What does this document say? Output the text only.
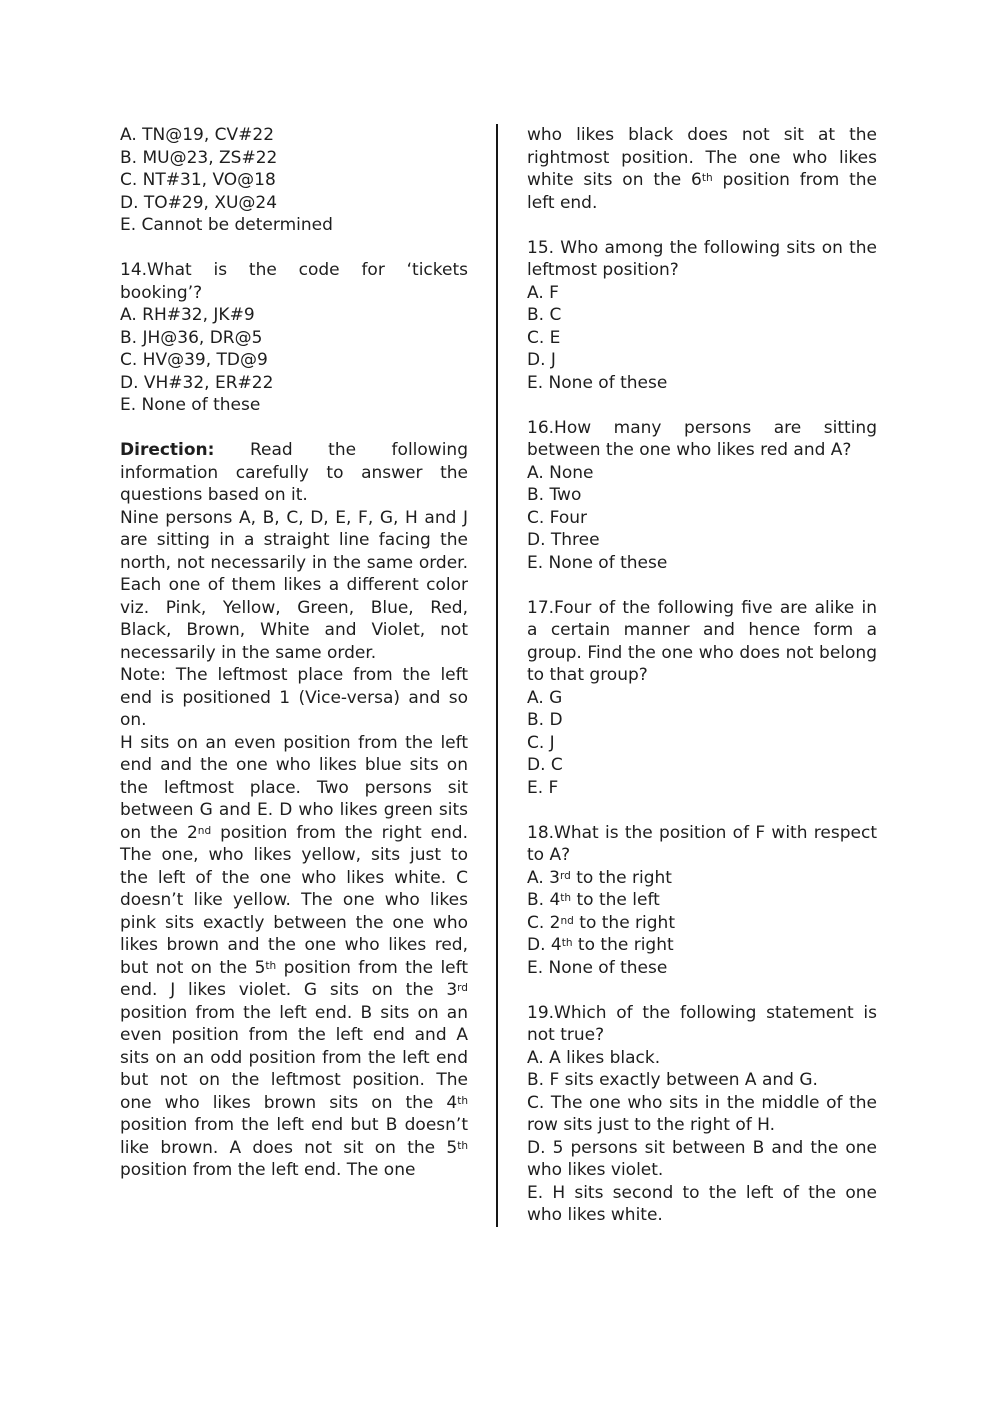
A. TN@19, CV#22
B. MU@23, ZS#22
C. NT#31, VO@18
D. TO#29, XU@24
E. Cannot be determined
14.What is the code for ‘tickets booking’?
A. RH#32, JK#9
B. JH@36, DR@5
C. HV@39, TD@9
D. VH#32, ER#22
E. None of these
Direction: Read the following information carefully to answer the questions based on it.
Nine persons A, B, C, D, E, F, G, H and J are sitting in a straight line facing the north, not necessarily in the same order. Each one of them likes a different color viz. Pink, Yellow, Green, Blue, Red, Black, Brown, White and Violet, not necessarily in the same order.
Note: The leftmost place from the left end is positioned 1 (Vice-versa) and so on.
H sits on an even position from the left end and the one who likes blue sits on the leftmost place. Two persons sit between G and E. D who likes green sits on the 2nd position from the right end. The one, who likes yellow, sits just to the left of the one who likes white. C doesn’t like yellow. The one who likes pink sits exactly between the one who likes brown and the one who likes red, but not on the 5th position from the left end. J likes violet. G sits on the 3rd position from the left end. B sits on an even position from the left end and A sits on an odd position from the left end but not on the leftmost position. The one who likes brown sits on the 4th position from the left end but B doesn’t like brown. A does not sit on the 5th position from the left end. The one
who likes black does not sit at the rightmost position. The one who likes white sits on the 6th position from the left end.
15. Who among the following sits on the leftmost position?
A. F
B. C
C. E
D. J
E. None of these
16.How many persons are sitting between the one who likes red and A?
A. None
B. Two
C. Four
D. Three
E. None of these
17.Four of the following five are alike in a certain manner and hence form a group. Find the one who does not belong to that group?
A. G
B. D
C. J
D. C
E. F
18.What is the position of F with respect to A?
A. 3rd to the right
B. 4th to the left
C. 2nd to the right
D. 4th to the right
E. None of these
19.Which of the following statement is not true?
A. A likes black.
B. F sits exactly between A and G.
C. The one who sits in the middle of the row sits just to the right of H.
D. 5 persons sit between B and the one who likes violet.
E. H sits second to the left of the one who likes white.
